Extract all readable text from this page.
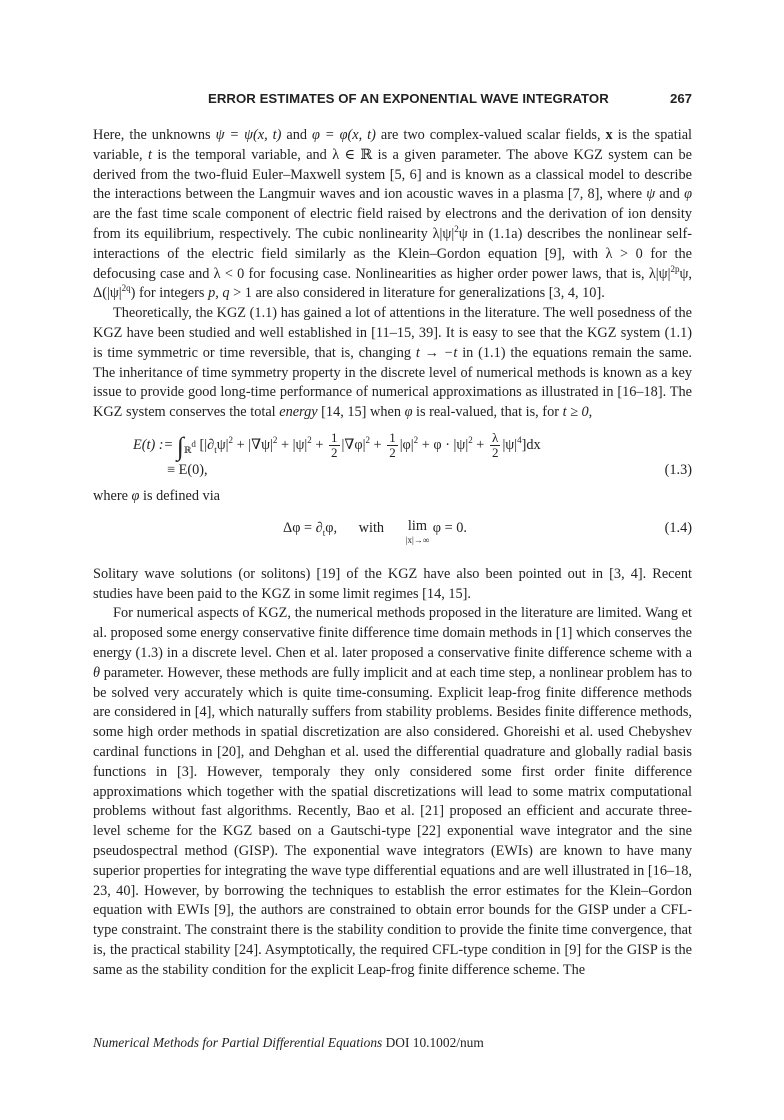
ERROR ESTIMATES OF AN EXPONENTIAL WAVE INTEGRATOR	267

Here, the unknowns ψ = ψ(x, t) and φ = φ(x, t) are two complex-valued scalar fields, x is the spatial variable, t is the temporal variable, and λ ∈ ℝ is a given parameter. The above KGZ system can be derived from the two-fluid Euler–Maxwell system [5, 6] and is known as a classical model to describe the interactions between the Langmuir waves and ion acoustic waves in a plasma [7, 8], where ψ and φ are the fast time scale component of electric field raised by electrons and the derivation of ion density from its equilibrium, respectively. The cubic nonlinearity $\lambda|\psi|^2\psi$ in (1.1a) describes the nonlinear self-interactions of the electric field similarly as the Klein–Gordon equation [9], with λ > 0 for the defocusing case and λ < 0 for focusing case. Nonlinearities as higher order power laws, that is, $\lambda|\psi|^{2p}\psi$, $\Delta(|\psi|^{2q})$ for integers p, q > 1 are also considered in literature for generalizations [3, 4, 10].

Theoretically, the KGZ (1.1) has gained a lot of attentions in the literature. The well posedness of the KGZ have been studied and well established in [11–15, 39]. It is easy to see that the KGZ system (1.1) is time symmetric or time reversible, that is, changing t → −t in (1.1) the equations remain the same. The inheritance of time symmetry property in the discrete level of numerical methods is known as a key issue to provide good long-time performance of numerical approximations as illustrated in [16–18]. The KGZ system conserves the total energy [14, 15] when φ is real-valued, that is, for t ≥ 0,

E(t) := $\int_{ℝ^d}$ $[|\partial_t\psi|^2 + |\nabla\psi|^2 + |\psi|^2 + \frac{1}{2} |\nabla\varphi|^2 + \frac{1}{2} |\varphi|^2 + \varphi \cdot |\psi|^2 + \frac{\lambda}{2} |\psi|^4]dx$
≡ E(0),	(1.3)

where φ is defined via

$\Delta\varphi = \partial_t\varphi$, with lim
|x|→∞
φ = 0.	(1.4)

Solitary wave solutions (or solitons) [19] of the KGZ have also been pointed out in [3, 4]. Recent studies have been paid to the KGZ in some limit regimes [14, 15].

For numerical aspects of KGZ, the numerical methods proposed in the literature are limited. Wang et al. proposed some energy conservative finite difference time domain methods in [1] which conserves the energy (1.3) in a discrete level. Chen et al. later proposed a conservative finite difference scheme with a θ parameter. However, these methods are fully implicit and at each time step, a nonlinear problem has to be solved very accurately which is quite time-consuming. Explicit leap-frog finite difference methods are considered in [4], which naturally suffers from stability problems. Besides finite difference methods, some high order methods in spatial discretization are also considered. Ghoreishi et al. used Chebyshev cardinal functions in [20], and Dehghan et al. used the differential quadrature and globally radial basis functions in [3]. However, temporaly they only considered some first order finite difference approximations which together with the spatial discretizations will lead to some matrix computational problems without fast algorithms. Recently, Bao et al. [21] proposed an efficient and accurate three-level scheme for the KGZ based on a Gautschi-type [22] exponential wave integrator and the sine pseudospectral method (GISP). The exponential wave integrators (EWIs) are known to have many superior properties for integrating the wave type differential equations and are well illustrated in [16–18, 23, 40]. However, by borrowing the techniques to establish the error estimates for the Klein–Gordon equation with EWIs [9], the authors are constrained to obtain error bounds for the GISP under a CFL-type constraint. The constraint there is the stability condition to provide the finite time convergence, that is, the practical stability [24]. Asymptotically, the required CFL-type condition in [9] for the GISP is the same as the stability condition for the explicit Leap-frog finite difference scheme. The

Numerical Methods for Partial Differential Equations DOI 10.1002/num
